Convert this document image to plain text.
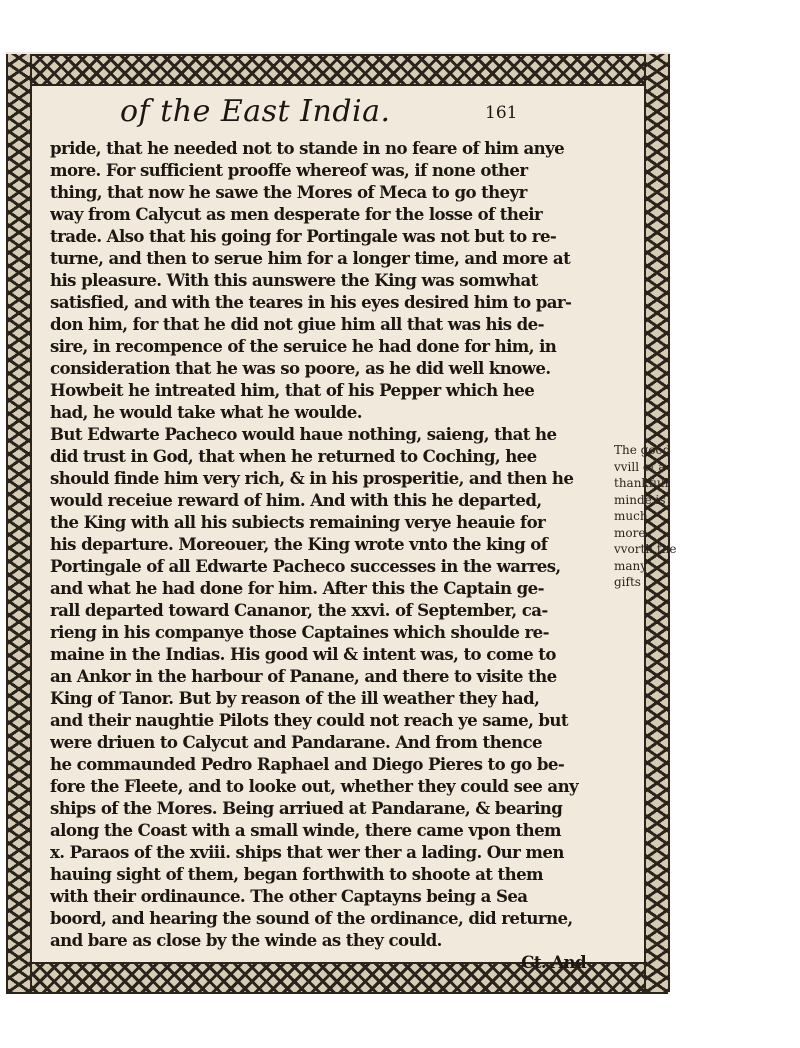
of the East India.	161
pride, that he needed not to stande in no feare of him anye
more. For sufficient prooffe whereof was, if none other
thing, that now he sawe the Mores of Meca to go theyr
way from Calycut as men desperate for the losse of their
trade. Also that his going for Portingale was not but to re-
turne, and then to serue him for a longer time, and more at
his pleasure. With this aunswere the King was somwhat
satisfied, and with the teares in his eyes desired him to par-
don him, for that he did not giue him all that was his de-
sire, in recompence of the seruice he had done for him, in
consideration that he was so poore, as he did well knowe.
Howbeit he intreated him, that of his Pepper which hee
had, he would take what he woulde.
But Edwarte Pacheco would haue nothing, saieng, that he
did trust in God, that when he returned to Coching, hee
should finde him very rich, & in his prosperitie, and then he
would receiue reward of him. And with this he departed,
the King with all his subiects remaining verye heauie for
his departure. Moreouer, the King wrote vnto the king of
Portingale of all Edwarte Pacheco successes in the warres,
and what he had done for him. After this the Captain ge-
rall departed toward Cananor, the xxvi. of September, ca-
rieng in his companye those Captaines which shoulde re-
maine in the Indias. His good wil & intent was, to come to
an Ankor in the harbour of Panane, and there to visite the
King of Tanor. But by reason of the ill weather they had,
and their naughtie Pilots they could not reach ye same, but
were driuen to Calycut and Pandarane. And from thence
he commaunded Pedro Raphael and Diego Pieres to go be-
fore the Fleete, and to looke out, whether they could see any
ships of the Mores. Being arriued at Pandarane, & bearing
along the Coast with a small winde, there came vpon them
x. Paraos of the xviii. ships that wer ther a lading. Our men
hauing sight of them, began forthwith to shoote at them
with their ordinaunce. The other Captayns being a Sea
boord, and hearing the sound of the ordinance, did returne,
and bare as close by the winde as they could.
Ct. And
The good
vvill of a
thankfull
minde is
much
more
vvorth the
many
gifts
